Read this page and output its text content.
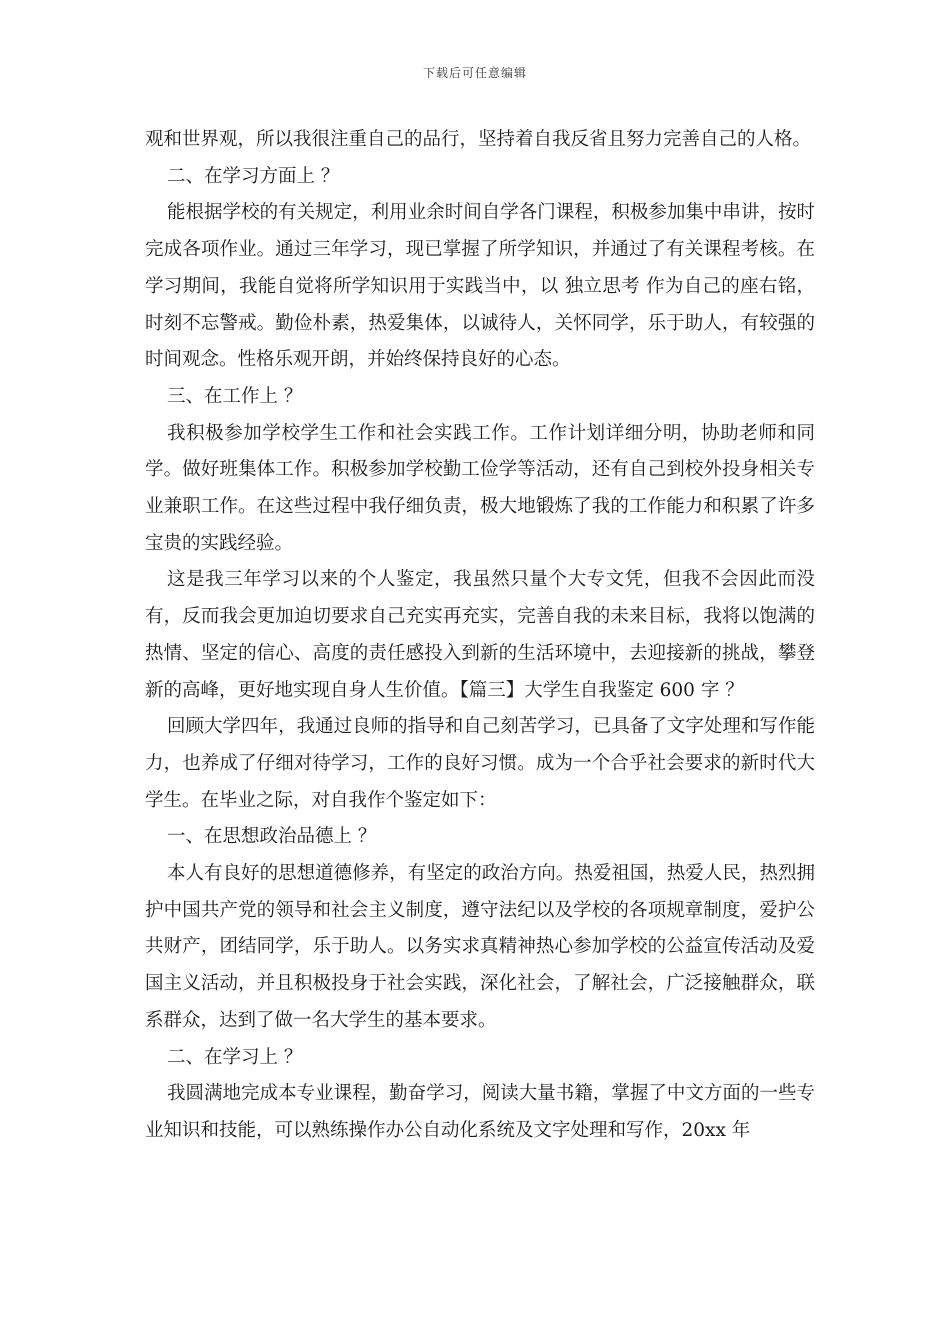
下载后可任意编辑

观和世界观，所以我很注重自己的品行，坚持着自我反省且努力完善自己的人格。

二、在学习方面上 ？

能根据学校的有关规定，利用业余时间自学各门课程，积极参加集中串讲，按时完成各项作业。通过三年学习，现已掌握了所学知识，并通过了有关课程考核。在学习期间，我能自觉将所学知识用于实践当中，以 独立思考 作为自己的座右铭，时刻不忘警戒。勤俭朴素，热爱集体，以诚待人，关怀同学，乐于助人，有较强的时间观念。性格乐观开朗，并始终保持良好的心态。

三、在工作上 ？

我积极参加学校学生工作和社会实践工作。工作计划详细分明，协助老师和同学。做好班集体工作。积极参加学校勤工俭学等活动，还有自己到校外投身相关专业兼职工作。在这些过程中我仔细负责，极大地锻炼了我的工作能力和积累了许多宝贵的实践经验。

这是我三年学习以来的个人鉴定，我虽然只量个大专文凭，但我不会因此而没有，反而我会更加迫切要求自己充实再充实，完善自我的未来目标，我将以饱满的热情、坚定的信心、高度的责任感投入到新的生活环境中，去迎接新的挑战，攀登新的高峰，更好地实现自身人生价值。【篇三】大学生自我鉴定 600 字 ？

回顾大学四年，我通过良师的指导和自己刻苦学习，已具备了文字处理和写作能力，也养成了仔细对待学习，工作的良好习惯。成为一个合乎社会要求的新时代大学生。在毕业之际，对自我作个鉴定如下：

一、在思想政治品德上 ？

本人有良好的思想道德修养，有坚定的政治方向。热爱祖国，热爱人民，热烈拥护中国共产党的领导和社会主义制度，遵守法纪以及学校的各项规章制度，爱护公共财产，团结同学，乐于助人。以务实求真精神热心参加学校的公益宣传活动及爱国主义活动，并且积极投身于社会实践，深化社会，了解社会，广泛接触群众，联系群众，达到了做一名大学生的基本要求。

二、在学习上 ？

我圆满地完成本专业课程，勤奋学习，阅读大量书籍，掌握了中文方面的一些专业知识和技能，可以熟练操作办公自动化系统及文字处理和写作，20xx 年
